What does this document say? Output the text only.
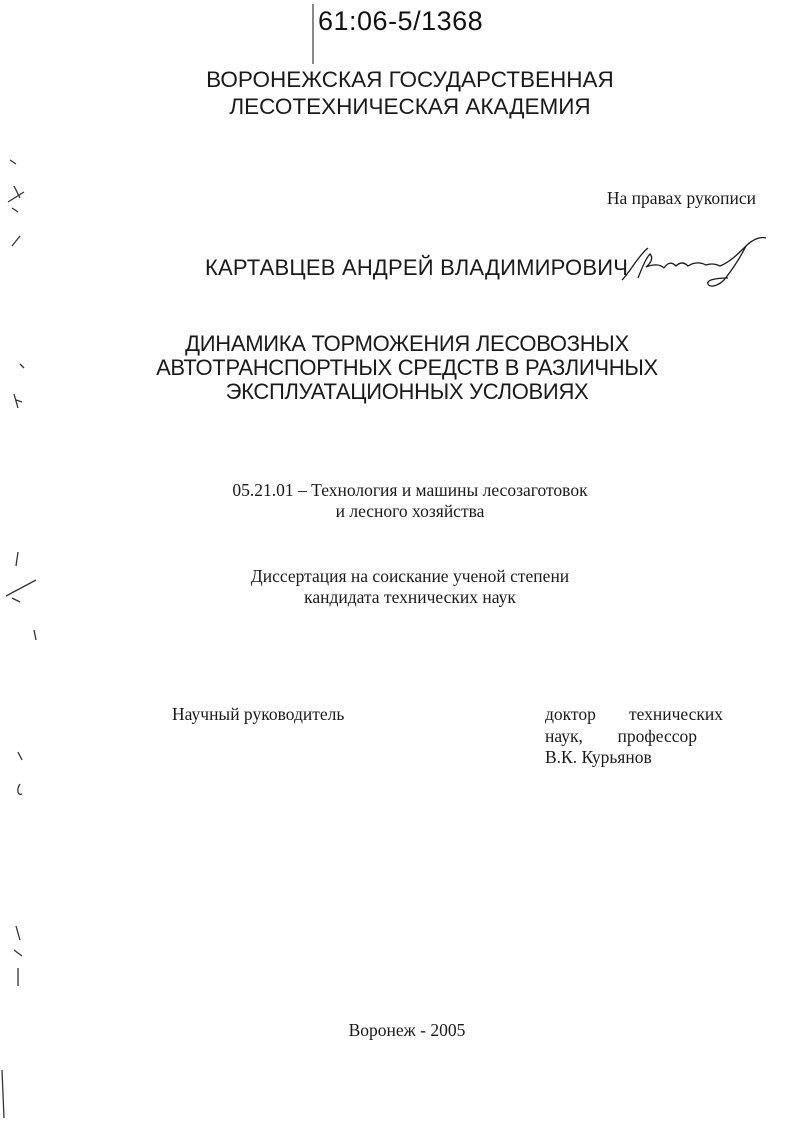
61:06-5/1368
ВОРОНЕЖСКАЯ ГОСУДАРСТВЕННАЯ
ЛЕСОТЕХНИЧЕСКАЯ АКАДЕМИЯ
На правах рукописи
КАРТАВЦЕВ АНДРЕЙ ВЛАДИМИРОВИЧ
ДИНАМИКА ТОРМОЖЕНИЯ ЛЕСОВОЗНЫХ
АВТОТРАНСПОРТНЫХ СРЕДСТВ В РАЗЛИЧНЫХ
ЭКСПЛУАТАЦИОННЫХ УСЛОВИЯХ
05.21.01 – Технология и машины лесозаготовок
и лесного хозяйства
Диссертация на соискание ученой степени
кандидата технических наук
Научный руководитель	доктор технических
наук, профессор
В.К. Курьянов
Воронеж - 2005
